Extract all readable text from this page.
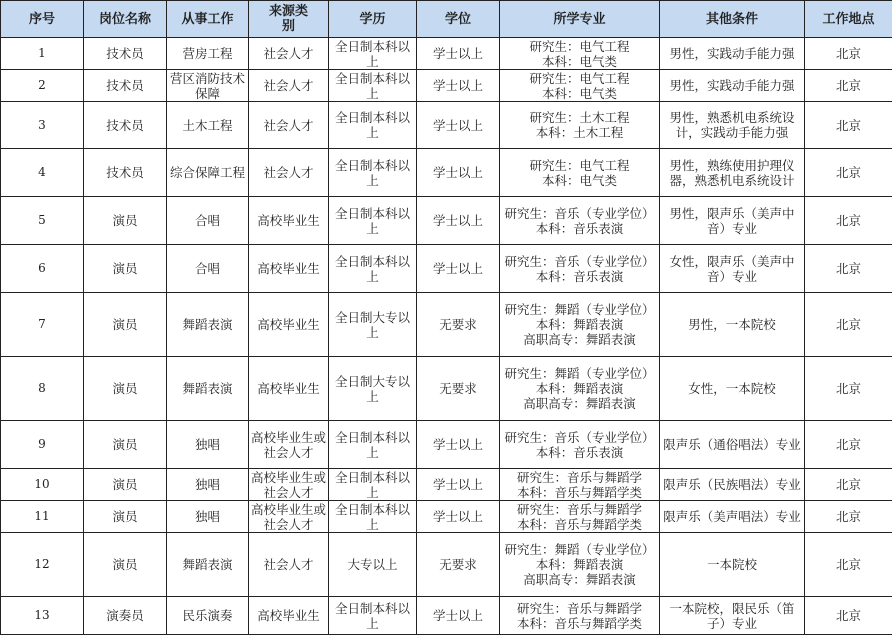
序号	岗位名称	从事工作	来源类别	学历	学位	所学专业	其他条件	工作地点

1	技术员	营房工程	社会人才	全日制本科以上	学士以上	研究生：电气工程
本科：电气类	男性，实践动手能力强	北京

2	技术员	营区消防技术保障	社会人才	全日制本科以上	学士以上	研究生：电气工程
本科：电气类	男性，实践动手能力强	北京

3	技术员	土木工程	社会人才	全日制本科以上	学士以上	研究生：土木工程
本科：土木工程	男性，熟悉机电系统设计，实践动手能力强	北京

4	技术员	综合保障工程	社会人才	全日制本科以上	学士以上	研究生：电气工程
本科：电气类	男性，熟练使用护理仪器，熟悉机电系统设计	北京

5	演员	合唱	高校毕业生	全日制本科以上	学士以上	研究生：音乐（专业学位）
本科：音乐表演	男性，限声乐（美声中音）专业	北京

6	演员	合唱	高校毕业生	全日制本科以上	学士以上	研究生：音乐（专业学位）
本科：音乐表演	女性，限声乐（美声中音）专业	北京

7	演员	舞蹈表演	高校毕业生	全日制大专以上	无要求	研究生：舞蹈（专业学位）
本科：舞蹈表演
高职高专：舞蹈表演	男性，一本院校	北京

8	演员	舞蹈表演	高校毕业生	全日制大专以上	无要求	研究生：舞蹈（专业学位）
本科：舞蹈表演
高职高专：舞蹈表演	女性，一本院校	北京

9	演员	独唱	高校毕业生或社会人才	全日制本科以上	学士以上	研究生：音乐（专业学位）
本科：音乐表演	限声乐（通俗唱法）专业	北京

10	演员	独唱	高校毕业生或社会人才	全日制本科以上	学士以上	研究生：音乐与舞蹈学
本科：音乐与舞蹈学类	限声乐（民族唱法）专业	北京

11	演员	独唱	高校毕业生或社会人才	全日制本科以上	学士以上	研究生：音乐与舞蹈学
本科：音乐与舞蹈学类	限声乐（美声唱法）专业	北京

12	演员	舞蹈表演	社会人才	大专以上	无要求	研究生：舞蹈（专业学位）
本科：舞蹈表演
高职高专：舞蹈表演	一本院校	北京

13	演奏员	民乐演奏	高校毕业生	全日制本科以上	学士以上	研究生：音乐与舞蹈学
本科：音乐与舞蹈学类	一本院校，限民乐（笛子）专业	北京
